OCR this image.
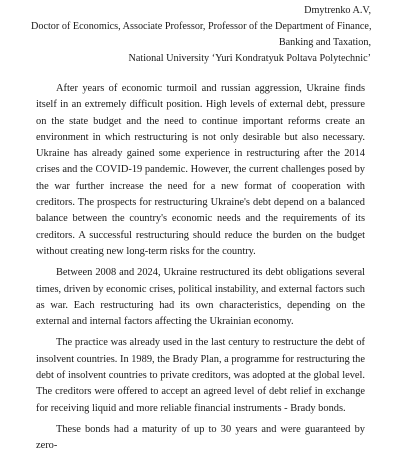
Dmytrenko A.V,
Doctor of Economics, Associate Professor, Professor of the Department of Finance,
Banking and Taxation,
National University ‘Yuri Kondratyuk Poltava Polytechnic’

After years of economic turmoil and russian aggression, Ukraine finds itself in an extremely difficult position. High levels of external debt, pressure on the state budget and the need to continue important reforms create an environment in which restructuring is not only desirable but also necessary. Ukraine has already gained some experience in restructuring after the 2014 crises and the COVID-19 pandemic. However, the current challenges posed by the war further increase the need for a new format of cooperation with creditors. The prospects for restructuring Ukraine's debt depend on a balanced balance between the country's economic needs and the requirements of its creditors. A successful restructuring should reduce the burden on the budget without creating new long-term risks for the country.

Between 2008 and 2024, Ukraine restructured its debt obligations several times, driven by economic crises, political instability, and external factors such as war. Each restructuring had its own characteristics, depending on the external and internal factors affecting the Ukrainian economy.

The practice was already used in the last century to restructure the debt of insolvent countries. In 1989, the Brady Plan, a programme for restructuring the debt of insolvent countries to private creditors, was adopted at the global level. The creditors were offered to accept an agreed level of debt relief in exchange for receiving liquid and more reliable financial instruments - Brady bonds.

These bonds had a maturity of up to 30 years and were guaranteed by zero-
